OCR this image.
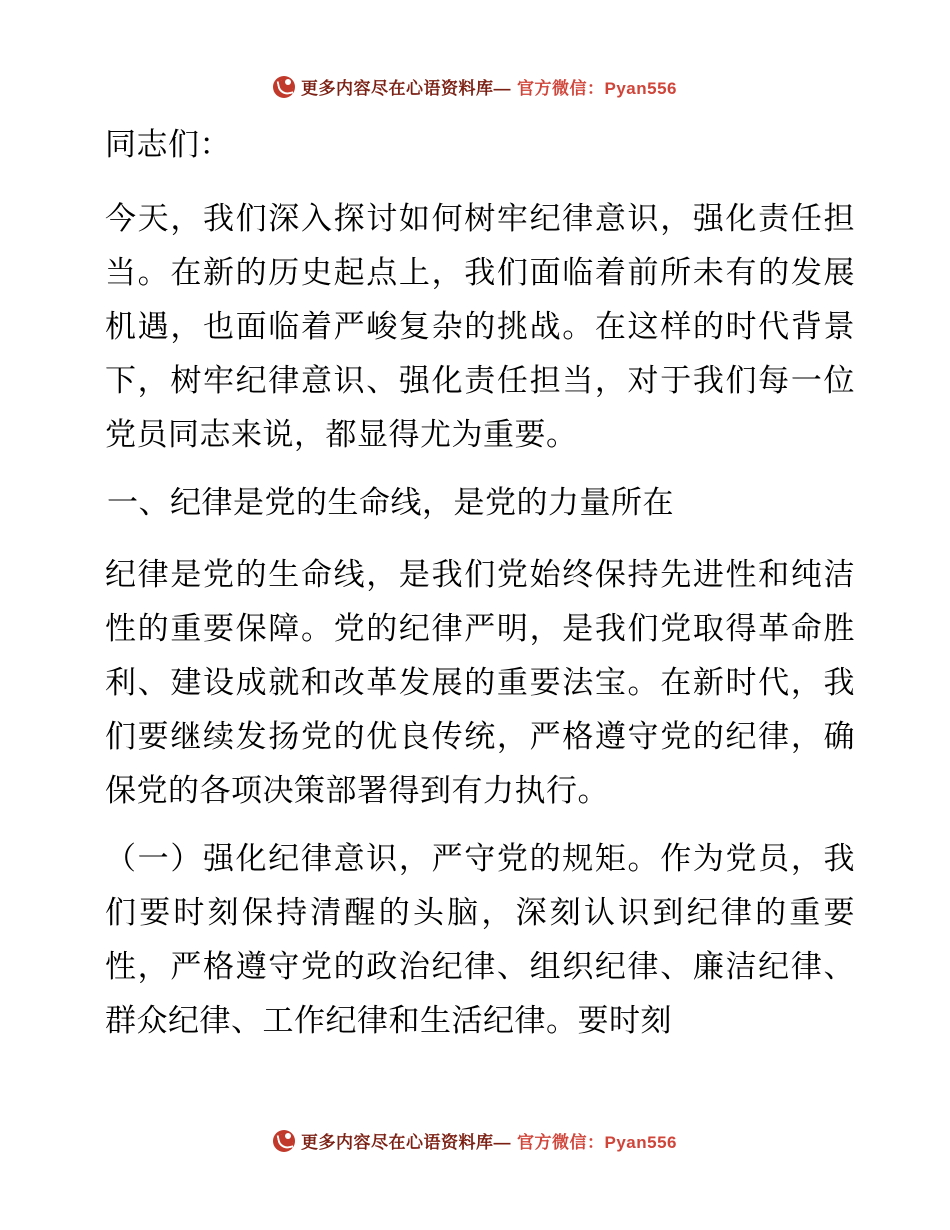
更多内容尽在心语资料库— 官方微信：Pyan556

同志们：

今天，我们深入探讨如何树牢纪律意识，强化责任担当。在新的历史起点上，我们面临着前所未有的发展机遇，也面临着严峻复杂的挑战。在这样的时代背景下，树牢纪律意识、强化责任担当，对于我们每一位党员同志来说，都显得尤为重要。

一、纪律是党的生命线，是党的力量所在

纪律是党的生命线，是我们党始终保持先进性和纯洁性的重要保障。党的纪律严明，是我们党取得革命胜利、建设成就和改革发展的重要法宝。在新时代，我们要继续发扬党的优良传统，严格遵守党的纪律，确保党的各项决策部署得到有力执行。

（一）强化纪律意识，严守党的规矩。作为党员，我们要时刻保持清醒的头脑，深刻认识到纪律的重要性，严格遵守党的政治纪律、组织纪律、廉洁纪律、群众纪律、工作纪律和生活纪律。要时刻

更多内容尽在心语资料库— 官方微信：Pyan556
